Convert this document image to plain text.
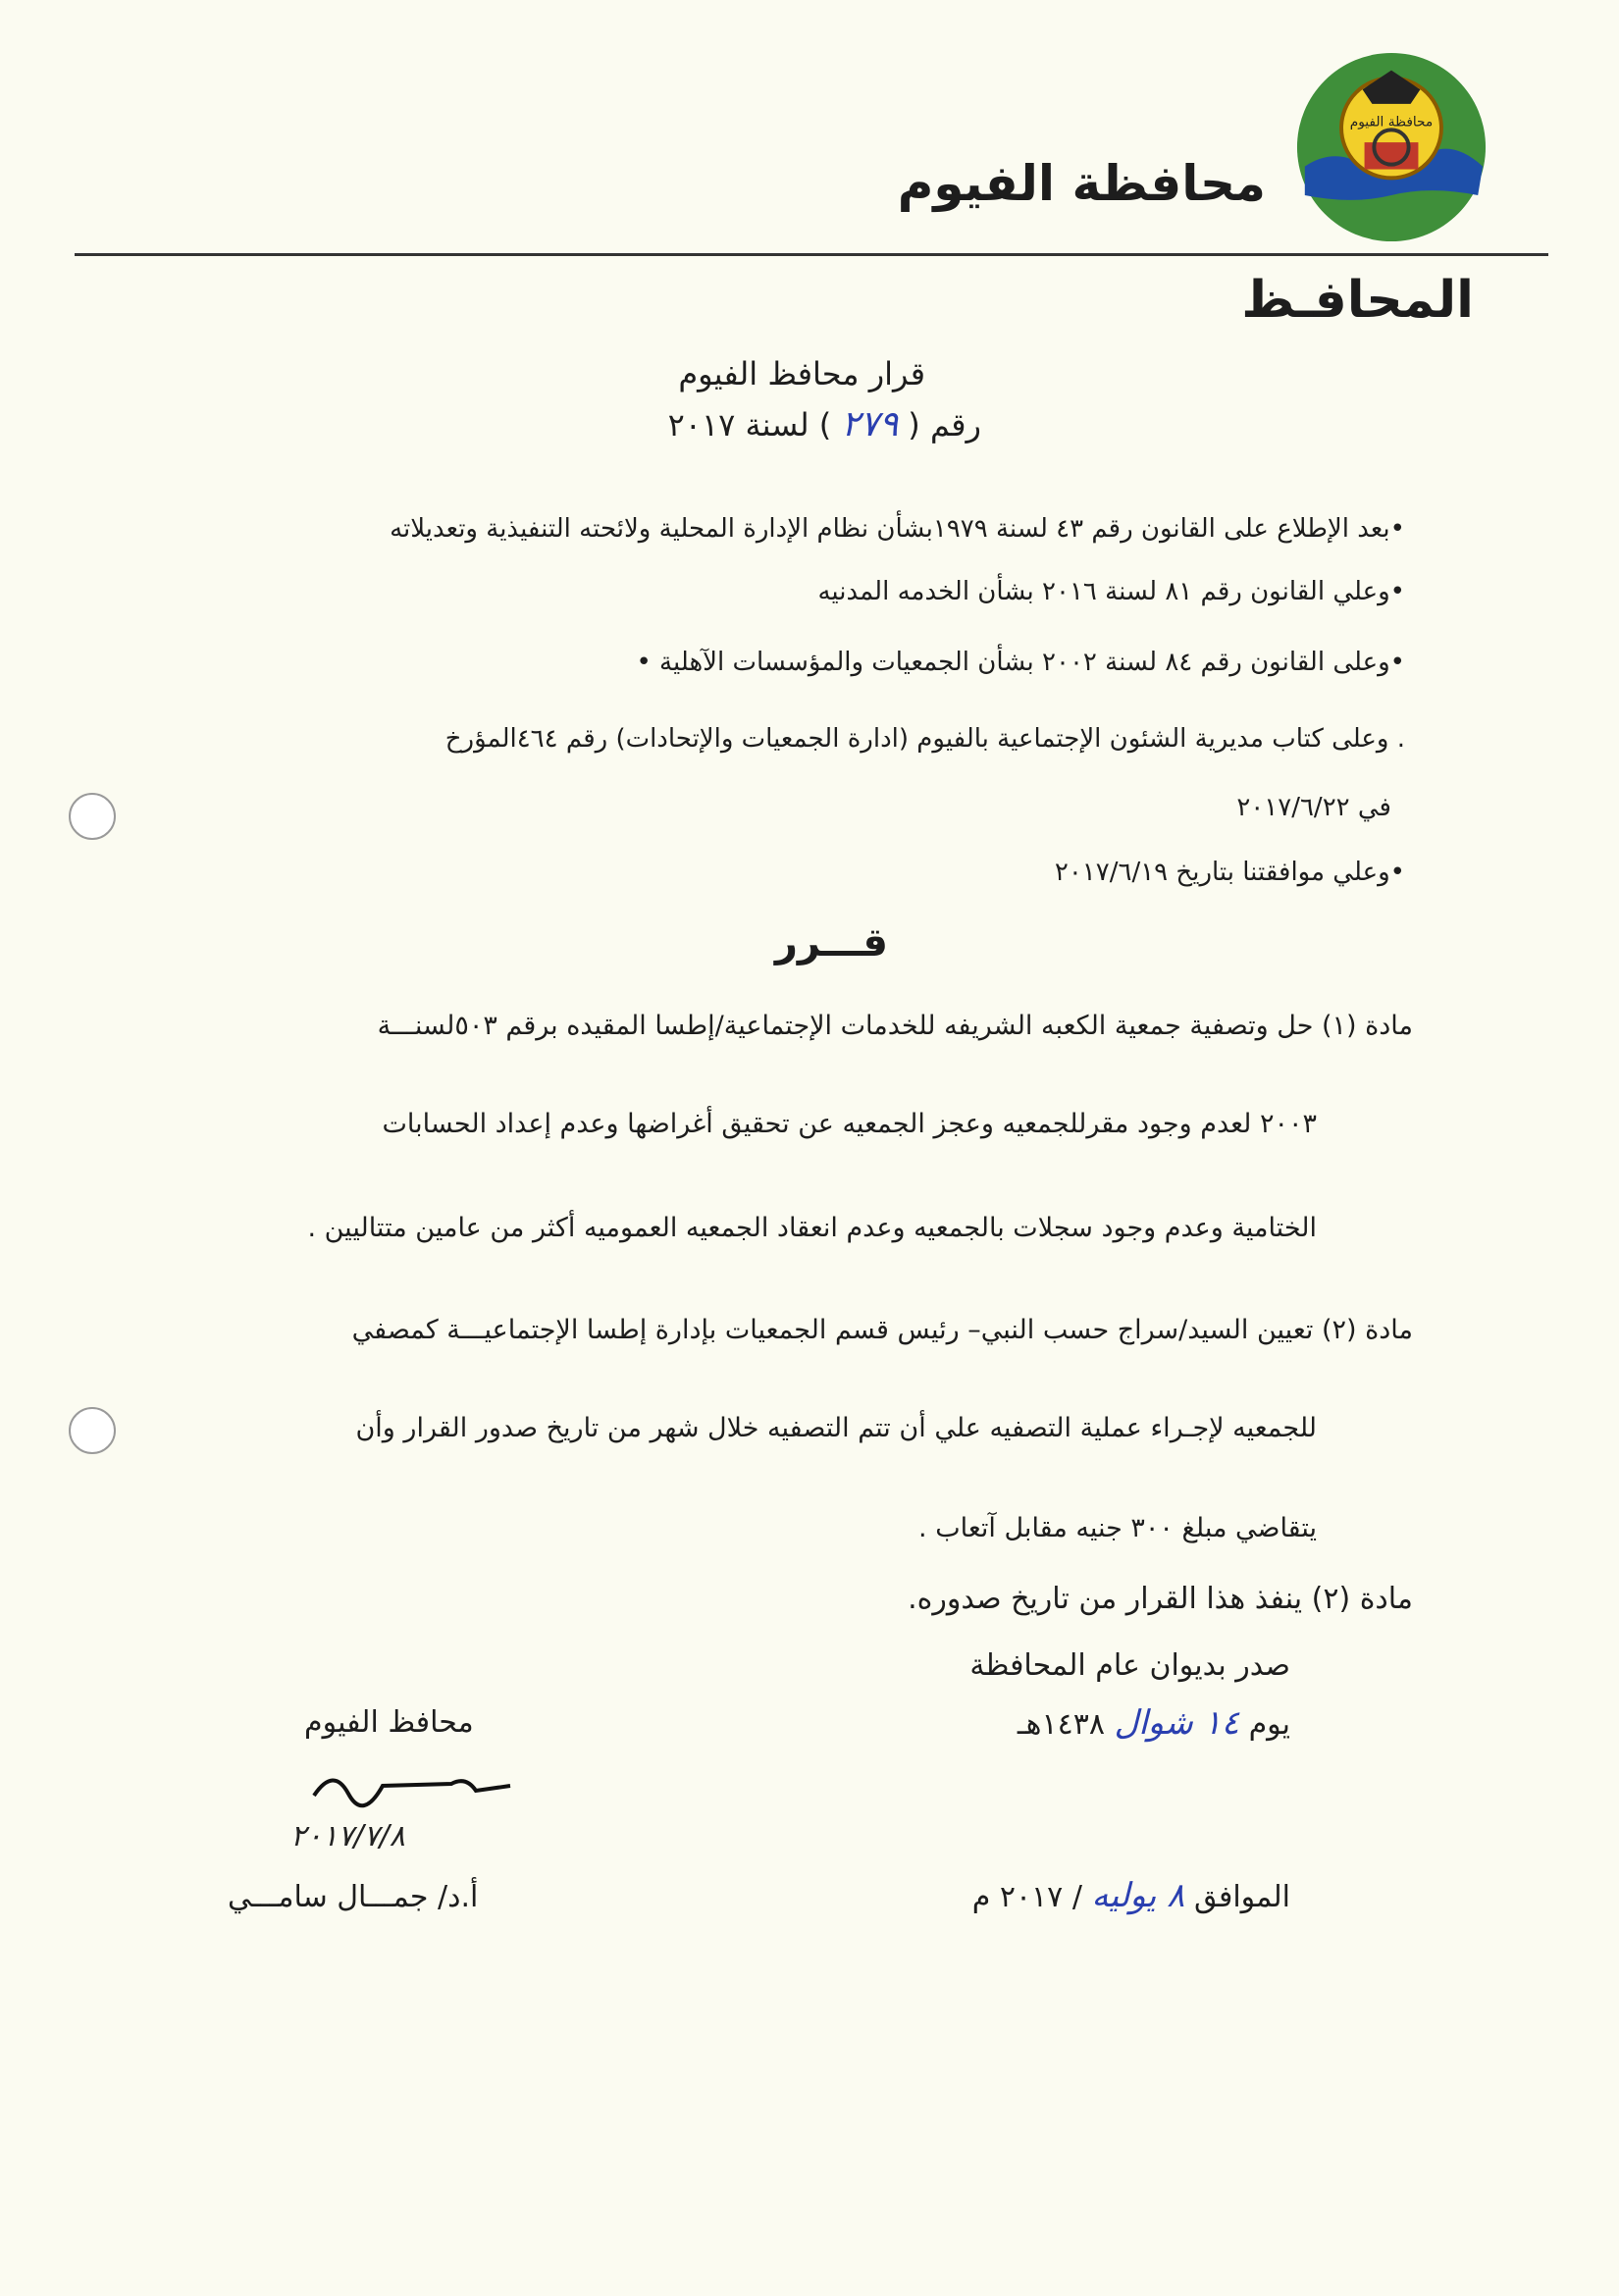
محافظة الفيوم
محافظة الفيوم
المحافـظ
قرار محافظ الفيوم
رقم (٢٧٩) لسنة ٢٠١٧
•بعد الإطلاع على القانون رقم ٤٣ لسنة ١٩٧٩بشأن نظام الإدارة المحلية ولائحته التنفيذية وتعديلاته
•وعلي القانون رقم ٨١ لسنة ٢٠١٦ بشأن الخدمه المدنيه
•وعلى القانون رقم ٨٤ لسنة ٢٠٠٢ بشأن الجمعيات والمؤسسات الآهلية •
. وعلى كتاب مديرية الشئون الإجتماعية بالفيوم (ادارة الجمعيات والإتحادات) رقم ٤٦٤المؤرخ
في ٢٠١٧/٦/٢٢
•وعلي موافقتنا بتاريخ ٢٠١٧/٦/١٩
قـــرر
مادة (١) حل وتصفية جمعية الكعبه الشريفه للخدمات الإجتماعية/إطسا المقيده برقم ٥٠٣لسنـــة
٢٠٠٣ لعدم وجود مقرللجمعيه وعجز الجمعيه عن تحقيق أغراضها وعدم إعداد الحسابات
الختامية وعدم وجود سجلات بالجمعيه وعدم انعقاد الجمعيه العموميه أكثر من عامين متتاليين .
مادة (٢) تعيين السيد/سراج حسب النبي– رئيس قسم الجمعيات بإدارة إطسا الإجتماعيـــة كمصفي
للجمعيه لإجـراء عملية التصفيه علي أن تتم التصفيه خلال شهر من تاريخ صدور القرار وأن
يتقاضي مبلغ ٣٠٠ جنيه مقابل آتعاب .
مادة (٢) ينفذ هذا القرار من تاريخ صدوره.
صدر بديوان عام المحافظة
يوم ١٤ شوال ١٤٣٨هـ
الموافق ٨ يوليه / ٢٠١٧ م
محافظ الفيوم
٢٠١٧/٧/٨
أ.د/ جمـــال سامـــي
